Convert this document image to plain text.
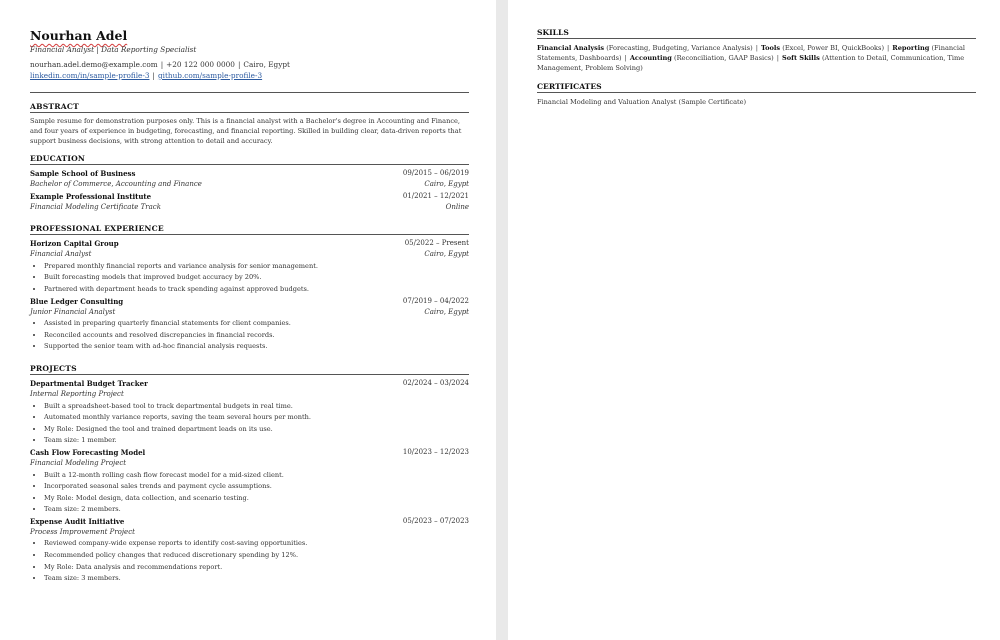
Nourhan Adel
Financial Analyst | Data Reporting Specialist
nourhan.adel.demo@example.com | +20 122 000 0000 | Cairo, Egypt
linkedin.com/in/sample-profile-3 | github.com/sample-profile-3
ABSTRACT
Sample resume for demonstration purposes only. This is a financial analyst with a Bachelor's degree in Accounting and Finance, and four years of experience in budgeting, forecasting, and financial reporting. Skilled in building clear, data-driven reports that support business decisions, with strong attention to detail and accuracy.
EDUCATION
Sample School of Business	09/2015 – 06/2019
Bachelor of Commerce, Accounting and Finance	Cairo, Egypt
Example Professional Institute	01/2021 – 12/2021
Financial Modeling Certificate Track	Online
PROFESSIONAL EXPERIENCE
Horizon Capital Group	05/2022 – Present
Financial Analyst	Cairo, Egypt
• Prepared monthly financial reports and variance analysis for senior management.
• Built forecasting models that improved budget accuracy by 20%.
• Partnered with department heads to track spending against approved budgets.
Blue Ledger Consulting	07/2019 – 04/2022
Junior Financial Analyst	Cairo, Egypt
• Assisted in preparing quarterly financial statements for client companies.
• Reconciled accounts and resolved discrepancies in financial records.
• Supported the senior team with ad-hoc financial analysis requests.
PROJECTS
Departmental Budget Tracker	02/2024 – 03/2024
Internal Reporting Project
• Built a spreadsheet-based tool to track departmental budgets in real time.
• Automated monthly variance reports, saving the team several hours per month.
• My Role: Designed the tool and trained department leads on its use.
• Team size: 1 member.
Cash Flow Forecasting Model	10/2023 – 12/2023
Financial Modeling Project
• Built a 12-month rolling cash flow forecast model for a mid-sized client.
• Incorporated seasonal sales trends and payment cycle assumptions.
• My Role: Model design, data collection, and scenario testing.
• Team size: 2 members.
Expense Audit Initiative	05/2023 – 07/2023
Process Improvement Project
• Reviewed company-wide expense reports to identify cost-saving opportunities.
• Recommended policy changes that reduced discretionary spending by 12%.
• My Role: Data analysis and recommendations report.
• Team size: 3 members.
SKILLS
Financial Analysis (Forecasting, Budgeting, Variance Analysis) | Tools (Excel, Power BI, QuickBooks) | Reporting (Financial Statements, Dashboards) | Accounting (Reconciliation, GAAP Basics) | Soft Skills (Attention to Detail, Communication, Time Management, Problem Solving)
CERTIFICATES
Financial Modeling and Valuation Analyst (Sample Certificate)
